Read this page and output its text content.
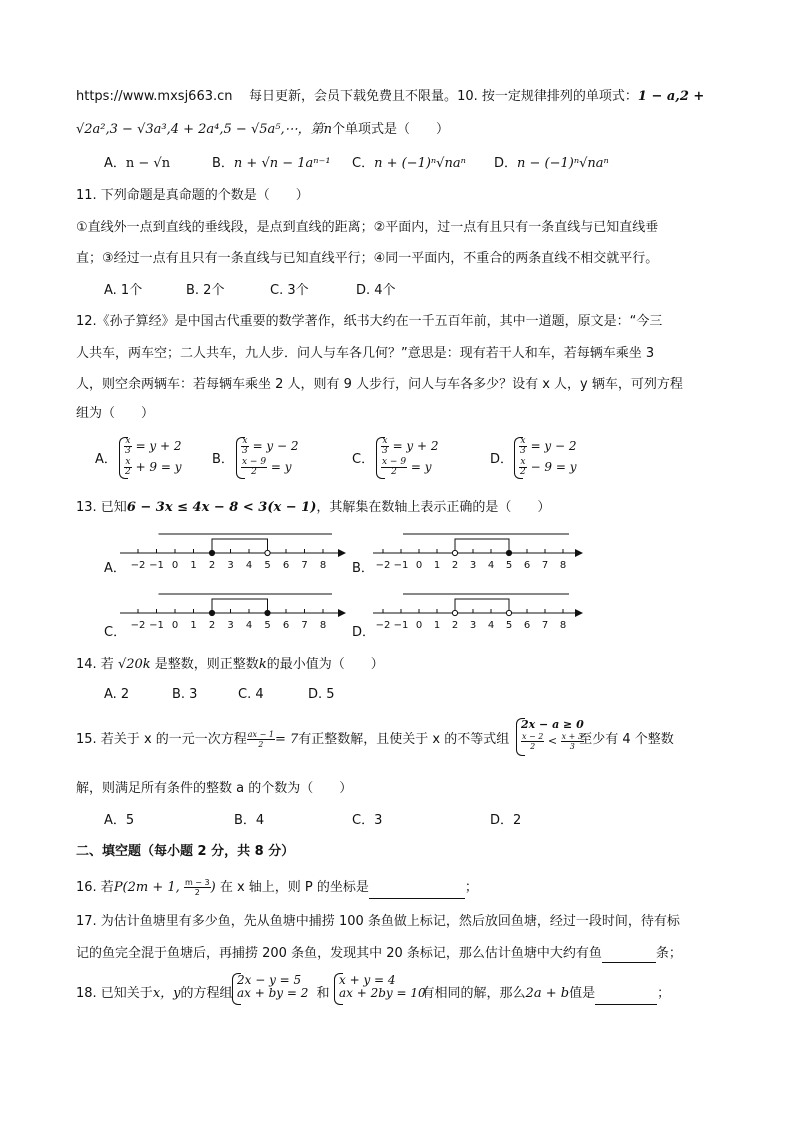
https://www.mxsj663.cn 每日更新，会员下载免费且不限量。10. 按一定规律排列的单项式：1 − a,2 +
√2a²,3 − √3a³,4 + 2a⁴,5 − √5a⁵,⋯，第n个单项式是（　　）
A．n − √n	B．n + √n − 1aⁿ⁻¹ C．n + (−1)ⁿ√naⁿ D．n − (−1)ⁿ√naⁿ
11. 下列命题是真命题的个数是（　　）
①直线外一点到直线的垂线段，是点到直线的距离；②平面内，过一点有且只有一条直线与已知直线垂
直；③经过一点有且只有一条直线与已知直线平行；④同一平面内，不重合的两条直线不相交就平行。
A. 1个	B. 2个	C. 3个	D. 4个
12.《孙子算经》是中国古代重要的数学著作，纸书大约在一千五百年前，其中一道题，原文是：“今三
人共车，两车空；二人共车，九人步．问人与车各几何？”意思是：现有若干人和车，若每辆车乘坐 3
人，则空余两辆车：若每辆车乘坐 2 人，则有 9 人步行，问人与车各多少？设有 x 人，y 辆车，可列方程
组为（　　）
A．
$\frac{x}{3} = y + 2$
$\frac{x}{2} + 9 = y$ B．
$\frac{x}{3} = y - 2$
$\frac{x - 9}{2} = y$	C．
$\frac{x}{3} = y + 2$
$\frac{x - 9}{2} = y$	D．
$\frac{x}{3} = y - 2$
$\frac{x}{2} - 9 = y$
13. 已知6 − 3x ≤ 4x − 8 < 3(x − 1)，其解集在数轴上表示正确的是（　　）
A．	B．
C．	D．
−2 −1 0 1 2 3 4 5 6 7 8	−2 −1 0 1 2 3 4 5 6 7 8
−2 −1 0 1 2 3 4 5 6 7 8	−2 −1 0 1 2 3 4 5 6 7 8
14. 若 √20k 是整数，则正整数k的最小值为（　　）
A. 2	B. 3	C. 4	D. 5
15. 若关于 x 的一元一次方程 $\frac{ax - 1}{2} = 7$有正整数解，且使关于 x 的不等式组	至少有 4 个整数
2x − a ≥ 0
$\frac{x - 2}{2} < \frac{x + 3}{3}$
解，则满足所有条件的整数 a 的个数为（　　）
A．5	B．4	C．3	D．2
二、填空题（每小题 2 分，共 8 分）
16. 若P(2m + 1, $\frac{m - 3}{2}$ ) 在 x 轴上，则 P 的坐标是	；
17. 为估计鱼塘里有多少鱼，先从鱼塘中捕捞 100 条鱼做上标记，然后放回鱼塘，经过一段时间，待有标
记的鱼完全混于鱼塘后，再捕捞 200 条鱼，发现其中 20 条标记，那么估计鱼塘中大约有鱼	条；
18. 已知关于x，y的方程组	和	有相同的解，那么2a + b值是	；
2x − y = 5
ax + by = 2
x + y = 4
ax + 2by = 10
